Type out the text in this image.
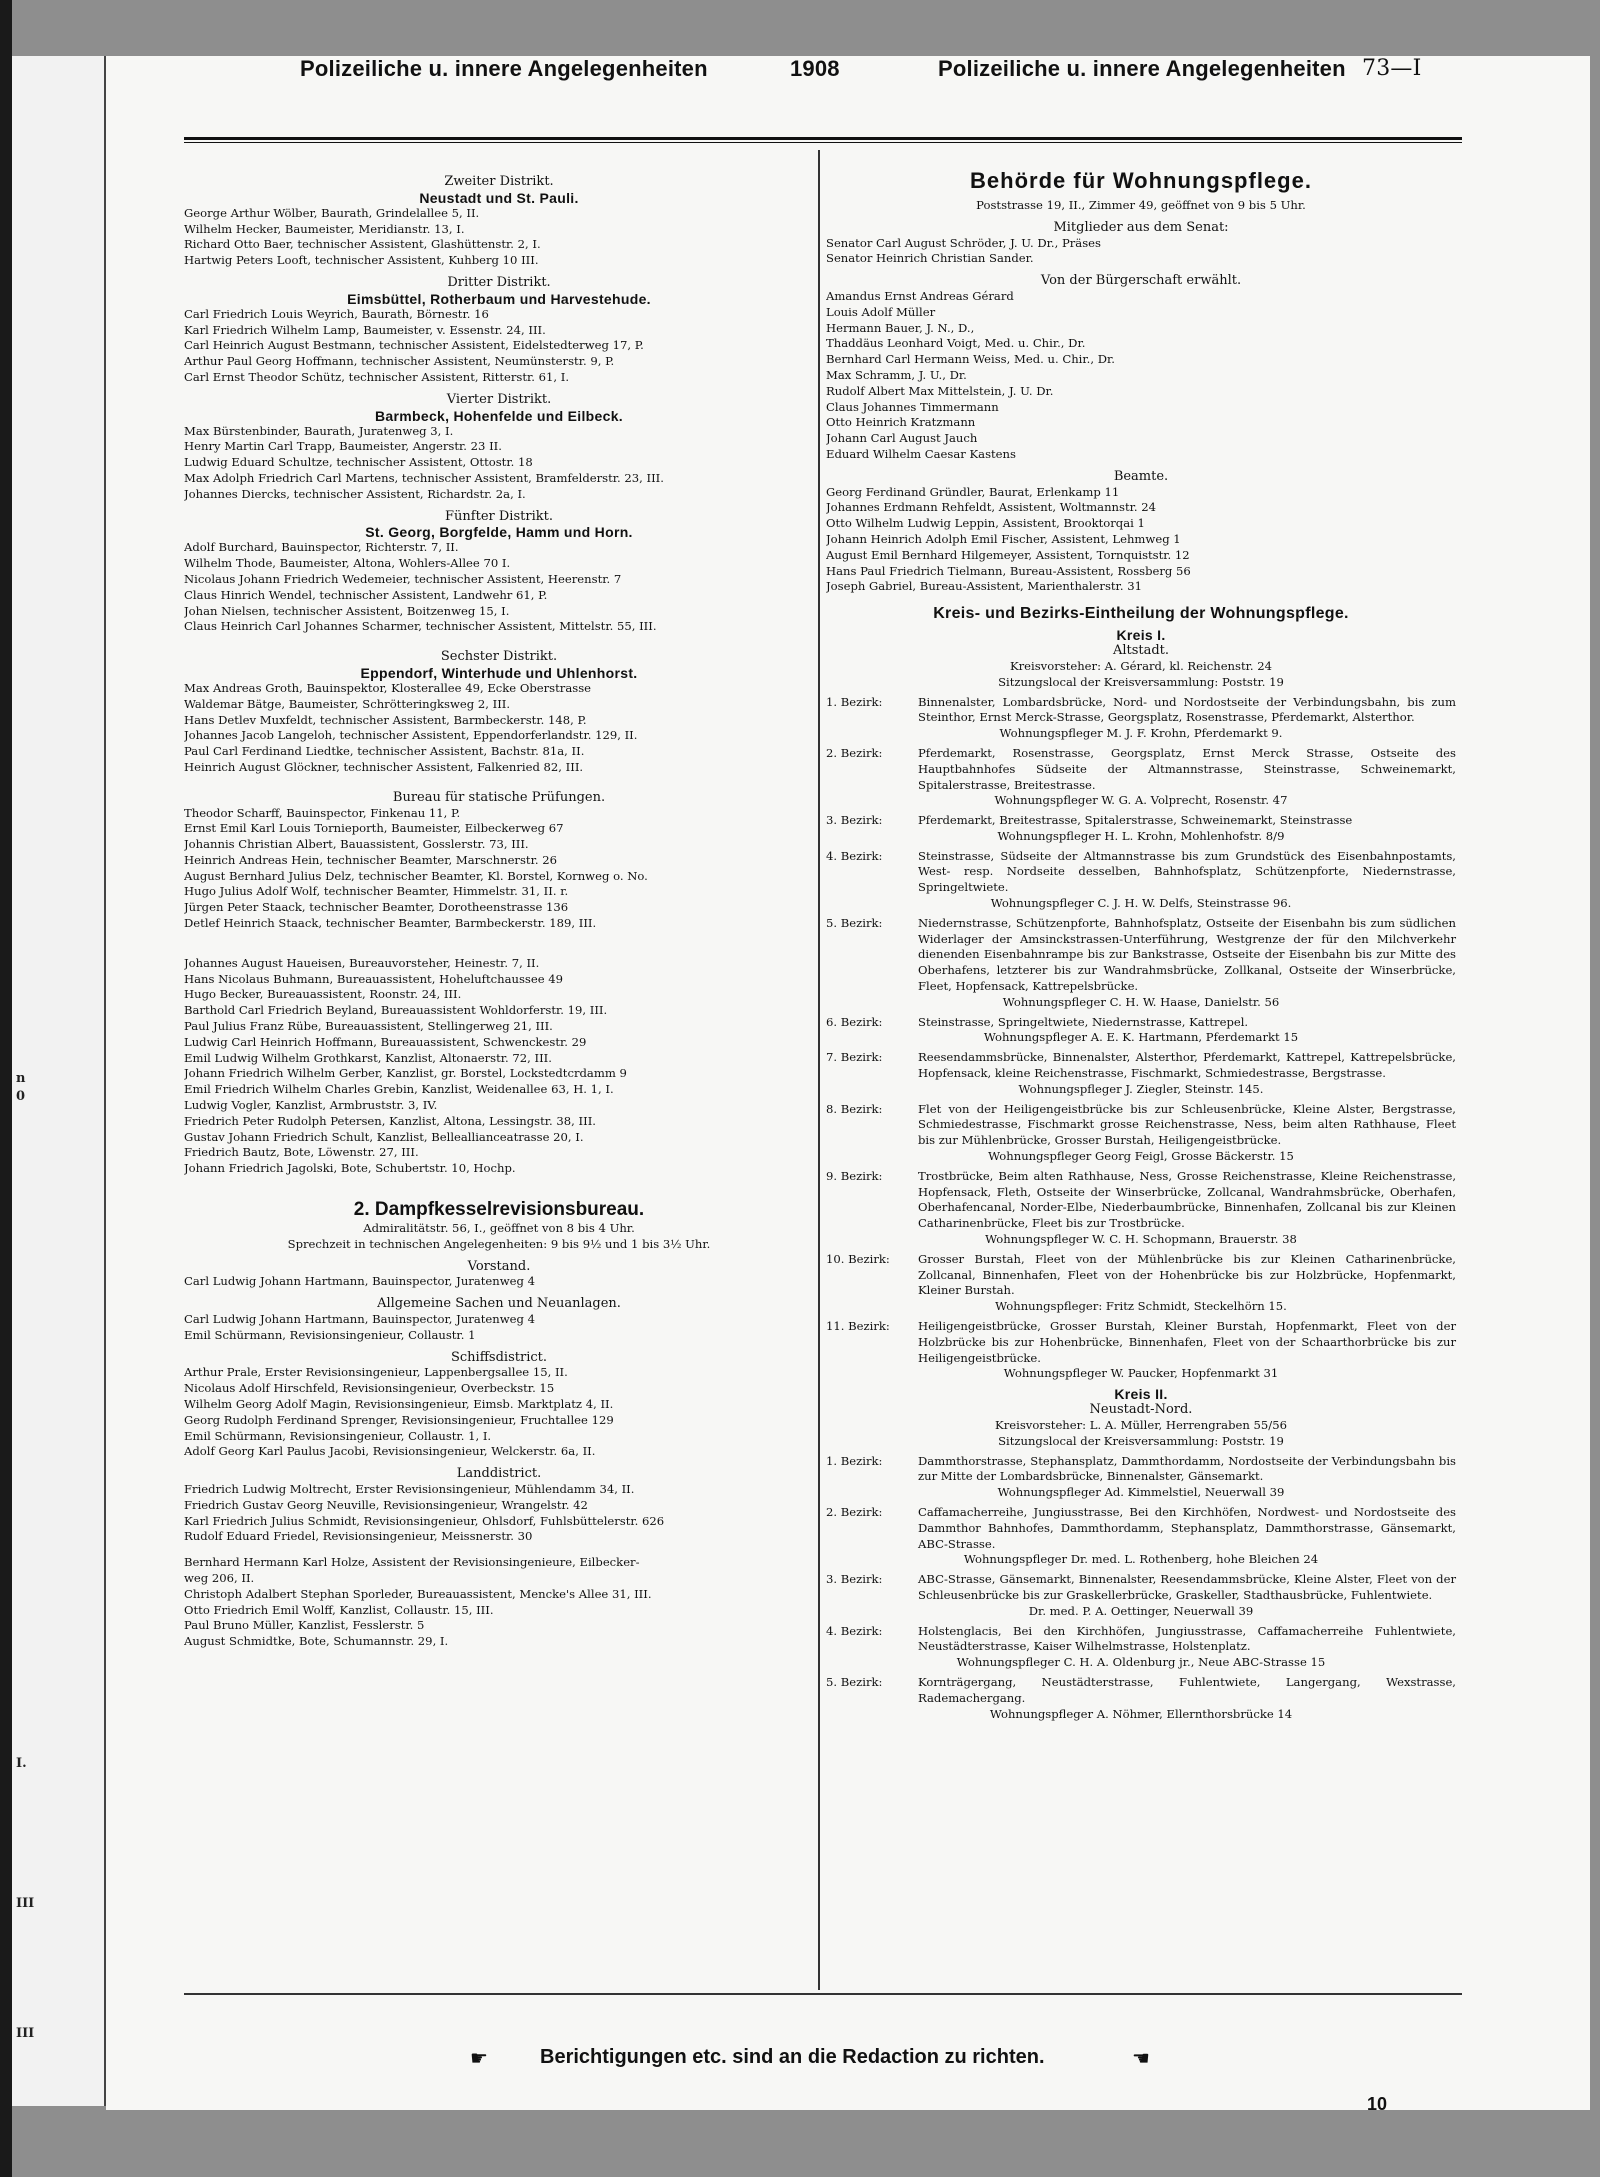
n
0
I.
III
III
Polizeiliche u. innere Angelegenheiten	1908	Polizeiliche u. innere Angelegenheiten 73—I
Zweiter Distrikt.
Neustadt und St. Pauli.
George Arthur Wölber, Baurath, Grindelallee 5, II.
Wilhelm Hecker, Baumeister, Meridianstr. 13, I.
Richard Otto Baer, technischer Assistent, Glashüttenstr. 2, I.
Hartwig Peters Looft, technischer Assistent, Kuhberg 10 III.
Dritter Distrikt.
Eimsbüttel, Rotherbaum und Harvestehude.
Carl Friedrich Louis Weyrich, Baurath, Börnestr. 16
Karl Friedrich Wilhelm Lamp, Baumeister, v. Essenstr. 24, III.
Carl Heinrich August Bestmann, technischer Assistent, Eidelstedterweg 17, P.
Arthur Paul Georg Hoffmann, technischer Assistent, Neumünsterstr. 9, P.
Carl Ernst Theodor Schütz, technischer Assistent, Ritterstr. 61, I.
Vierter Distrikt.
Barmbeck, Hohenfelde und Eilbeck.
Max Bürstenbinder, Baurath, Juratenweg 3, I.
Henry Martin Carl Trapp, Baumeister, Angerstr. 23 II.
Ludwig Eduard Schultze, technischer Assistent, Ottostr. 18
Max Adolph Friedrich Carl Martens, technischer Assistent, Bramfelderstr. 23, III.
Johannes Diercks, technischer Assistent, Richardstr. 2a, I.
Fünfter Distrikt.
St. Georg, Borgfelde, Hamm und Horn.
Adolf Burchard, Bauinspector, Richterstr. 7, II.
Wilhelm Thode, Baumeister, Altona, Wohlers-Allee 70 I.
Nicolaus Johann Friedrich Wedemeier, technischer Assistent, Heerenstr. 7
Claus Hinrich Wendel, technischer Assistent, Landwehr 61, P.
Johan Nielsen, technischer Assistent, Boitzenweg 15, I.
Claus Heinrich Carl Johannes Scharmer, technischer Assistent, Mittelstr. 55, III.
Sechster Distrikt.
Eppendorf, Winterhude und Uhlenhorst.
Max Andreas Groth, Bauinspektor, Klosterallee 49, Ecke Oberstrasse
Waldemar Bätge, Baumeister, Schrötteringksweg 2, III.
Hans Detlev Muxfeldt, technischer Assistent, Barmbeckerstr. 148, P.
Johannes Jacob Langeloh, technischer Assistent, Eppendorferlandstr. 129, II.
Paul Carl Ferdinand Liedtke, technischer Assistent, Bachstr. 81a, II.
Heinrich August Glöckner, technischer Assistent, Falkenried 82, III.
Bureau für statische Prüfungen.
Theodor Scharff, Bauinspector, Finkenau 11, P.
Ernst Emil Karl Louis Tornieporth, Baumeister, Eilbeckerweg 67
Johannis Christian Albert, Bauassistent, Gosslerstr. 73, III.
Heinrich Andreas Hein, technischer Beamter, Marschnerstr. 26
August Bernhard Julius Delz, technischer Beamter, Kl. Borstel, Kornweg o. No.
Hugo Julius Adolf Wolf, technischer Beamter, Himmelstr. 31, II. r.
Jürgen Peter Staack, technischer Beamter, Dorotheenstrasse 136
Detlef Heinrich Staack, technischer Beamter, Barmbeckerstr. 189, III.
Johannes August Haueisen, Bureauvorsteher, Heinestr. 7, II.
Hans Nicolaus Buhmann, Bureauassistent, Hoheluftchaussee 49
Hugo Becker, Bureauassistent, Roonstr. 24, III.
Barthold Carl Friedrich Beyland, Bureauassistent Wohldorferstr. 19, III.
Paul Julius Franz Rübe, Bureauassistent, Stellingerweg 21, III.
Ludwig Carl Heinrich Hoffmann, Bureauassistent, Schwenckestr. 29
Emil Ludwig Wilhelm Grothkarst, Kanzlist, Altonaerstr. 72, III.
Johann Friedrich Wilhelm Gerber, Kanzlist, gr. Borstel, Lockstedtcrdamm 9
Emil Friedrich Wilhelm Charles Grebin, Kanzlist, Weidenallee 63, H. 1, I.
Ludwig Vogler, Kanzlist, Armbruststr. 3, IV.
Friedrich Peter Rudolph Petersen, Kanzlist, Altona, Lessingstr. 38, III.
Gustav Johann Friedrich Schult, Kanzlist, Belleallianceatrasse 20, I.
Friedrich Bautz, Bote, Löwenstr. 27, III.
Johann Friedrich Jagolski, Bote, Schubertstr. 10, Hochp.
2. Dampfkesselrevisionsbureau.
Admiralitätstr. 56, I., geöffnet von 8 bis 4 Uhr.
Sprechzeit in technischen Angelegenheiten: 9 bis 9½ und 1 bis 3½ Uhr.
Vorstand.
Carl Ludwig Johann Hartmann, Bauinspector, Juratenweg 4
Allgemeine Sachen und Neuanlagen.
Carl Ludwig Johann Hartmann, Bauinspector, Juratenweg 4
Emil Schürmann, Revisionsingenieur, Collaustr. 1
Schiffsdistrict.
Arthur Prale, Erster Revisionsingenieur, Lappenbergsallee 15, II.
Nicolaus Adolf Hirschfeld, Revisionsingenieur, Overbeckstr. 15
Wilhelm Georg Adolf Magin, Revisionsingenieur, Eimsb. Marktplatz 4, II.
Georg Rudolph Ferdinand Sprenger, Revisionsingenieur, Fruchtallee 129
Emil Schürmann, Revisionsingenieur, Collaustr. 1, I.
Adolf Georg Karl Paulus Jacobi, Revisionsingenieur, Welckerstr. 6a, II.
Landdistrict.
Friedrich Ludwig Moltrecht, Erster Revisionsingenieur, Mühlendamm 34, II.
Friedrich Gustav Georg Neuville, Revisionsingenieur, Wrangelstr. 42
Karl Friedrich Julius Schmidt, Revisionsingenieur, Ohlsdorf, Fuhlsbüttelerstr. 626
Rudolf Eduard Friedel, Revisionsingenieur, Meissnerstr. 30
Bernhard Hermann Karl Holze, Assistent der Revisionsingenieure, Eilbecker-
weg 206, II.
Christoph Adalbert Stephan Sporleder, Bureauassistent, Mencke's Allee 31, III.
Otto Friedrich Emil Wolff, Kanzlist, Collaustr. 15, III.
Paul Bruno Müller, Kanzlist, Fesslerstr. 5
August Schmidtke, Bote, Schumannstr. 29, I.
Behörde für Wohnungspflege.
Poststrasse 19, II., Zimmer 49, geöffnet von 9 bis 5 Uhr.
Mitglieder aus dem Senat:
Senator Carl August Schröder, J. U. Dr., Präses
Senator Heinrich Christian Sander.
Von der Bürgerschaft erwählt.
Amandus Ernst Andreas Gérard
Louis Adolf Müller
Hermann Bauer, J. N., D.,
Thaddäus Leonhard Voigt, Med. u. Chir., Dr.
Bernhard Carl Hermann Weiss, Med. u. Chir., Dr.
Max Schramm, J. U., Dr.
Rudolf Albert Max Mittelstein, J. U. Dr.
Claus Johannes Timmermann
Otto Heinrich Kratzmann
Johann Carl August Jauch
Eduard Wilhelm Caesar Kastens
Beamte.
Georg Ferdinand Gründler, Baurat, Erlenkamp 11
Johannes Erdmann Rehfeldt, Assistent, Woltmannstr. 24
Otto Wilhelm Ludwig Leppin, Assistent, Brooktorqai 1
Johann Heinrich Adolph Emil Fischer, Assistent, Lehmweg 1
August Emil Bernhard Hilgemeyer, Assistent, Tornquiststr. 12
Hans Paul Friedrich Tielmann, Bureau-Assistent, Rossberg 56
Joseph Gabriel, Bureau-Assistent, Marienthalerstr. 31
Kreis- und Bezirks-Eintheilung der Wohnungspflege.
Kreis I.
Altstadt.
Kreisvorsteher: A. Gérard, kl. Reichenstr. 24
Sitzungslocal der Kreisversammlung: Poststr. 19
1. Bezirk:	Binnenalster, Lombardsbrücke, Nord- und Nordostseite der Verbindungsbahn, bis zum Steinthor, Ernst Merck-Strasse, Georgsplatz, Rosenstrasse, Pferdemarkt, Alsterthor.
Wohnungspfleger M. J. F. Krohn, Pferdemarkt 9.
2. Bezirk:	Pferdemarkt, Rosenstrasse, Georgsplatz, Ernst Merck Strasse, Ostseite des Hauptbahnhofes Südseite der Altmannstrasse, Steinstrasse, Schweinemarkt, Spitalerstrasse, Breitestrasse.
Wohnungspfleger W. G. A. Volprecht, Rosenstr. 47
3. Bezirk:	Pferdemarkt, Breitestrasse, Spitalerstrasse, Schweinemarkt, Steinstrasse
Wohnungspfleger H. L. Krohn, Mohlenhofstr. 8/9
4. Bezirk:	Steinstrasse, Südseite der Altmannstrasse bis zum Grundstück des Eisenbahnpostamts, West- resp. Nordseite desselben, Bahnhofsplatz, Schützenpforte, Niedernstrasse, Springeltwiete.
Wohnungspfleger C. J. H. W. Delfs, Steinstrasse 96.
5. Bezirk:	Niedernstrasse, Schützenpforte, Bahnhofsplatz, Ostseite der Eisenbahn bis zum südlichen Widerlager der Amsinckstrassen-Unterführung, Westgrenze der für den Milchverkehr dienenden Eisenbahnrampe bis zur Bankstrasse, Ostseite der Eisenbahn bis zur Mitte des Oberhafens, letzterer bis zur Wandrahmsbrücke, Zollkanal, Ostseite der Winserbrücke, Fleet, Hopfensack, Kattrepelsbrücke.
Wohnungspfleger C. H. W. Haase, Danielstr. 56
6. Bezirk:	Steinstrasse, Springeltwiete, Niedernstrasse, Kattrepel.
Wohnungspfleger A. E. K. Hartmann, Pferdemarkt 15
7. Bezirk:	Reesendammsbrücke, Binnenalster, Alsterthor, Pferdemarkt, Kattrepel, Kattrepelsbrücke, Hopfensack, kleine Reichenstrasse, Fischmarkt, Schmiedestrasse, Bergstrasse.
Wohnungspfleger J. Ziegler, Steinstr. 145.
8. Bezirk:	Flet von der Heiligengeistbrücke bis zur Schleusenbrücke, Kleine Alster, Bergstrasse, Schmiedestrasse, Fischmarkt grosse Reichenstrasse, Ness, beim alten Rathhause, Fleet bis zur Mühlenbrücke, Grosser Burstah, Heiligengeistbrücke.
Wohnungspfleger Georg Feigl, Grosse Bäckerstr. 15
9. Bezirk:	Trostbrücke, Beim alten Rathhause, Ness, Grosse Reichenstrasse, Kleine Reichenstrasse, Hopfensack, Fleth, Ostseite der Winserbrücke, Zollcanal, Wandrahmsbrücke, Oberhafen, Oberhafencanal, Norder-Elbe, Niederbaumbrücke, Binnenhafen, Zollcanal bis zur Kleinen Catharinenbrücke, Fleet bis zur Trostbrücke.
Wohnungspfleger W. C. H. Schopmann, Brauerstr. 38
10. Bezirk:	Grosser Burstah, Fleet von der Mühlenbrücke bis zur Kleinen Catharinenbrücke, Zollcanal, Binnenhafen, Fleet von der Hohenbrücke bis zur Holzbrücke, Hopfenmarkt, Kleiner Burstah.
Wohnungspfleger: Fritz Schmidt, Steckelhörn 15.
11. Bezirk:	Heiligengeistbrücke, Grosser Burstah, Kleiner Burstah, Hopfenmarkt, Fleet von der Holzbrücke bis zur Hohenbrücke, Binnenhafen, Fleet von der Schaarthorbrücke bis zur Heiligengeistbrücke.
Wohnungspfleger W. Paucker, Hopfenmarkt 31
Kreis II.
Neustadt-Nord.
Kreisvorsteher: L. A. Müller, Herrengraben 55/56
Sitzungslocal der Kreisversammlung: Poststr. 19
1. Bezirk:	Dammthorstrasse, Stephansplatz, Dammthordamm, Nordostseite der Verbindungsbahn bis zur Mitte der Lombardsbrücke, Binnenalster, Gänsemarkt.
Wohnungspfleger Ad. Kimmelstiel, Neuerwall 39
2. Bezirk:	Caffamacherreihe, Jungiusstrasse, Bei den Kirchhöfen, Nordwest- und Nordostseite des Dammthor Bahnhofes, Dammthordamm, Stephansplatz, Dammthorstrasse, Gänsemarkt, ABC-Strasse.
Wohnungspfleger Dr. med. L. Rothenberg, hohe Bleichen 24
3. Bezirk:	ABC-Strasse, Gänsemarkt, Binnenalster, Reesendammsbrücke, Kleine Alster, Fleet von der Schleusenbrücke bis zur Graskellerbrücke, Graskeller, Stadthausbrücke, Fuhlentwiete.
Dr. med. P. A. Oettinger, Neuerwall 39
4. Bezirk:	Holstenglacis, Bei den Kirchhöfen, Jungiusstrasse, Caffamacherreihe Fuhlentwiete, Neustädterstrasse, Kaiser Wilhelmstrasse, Holstenplatz.
Wohnungspfleger C. H. A. Oldenburg jr., Neue ABC-Strasse 15
5. Bezirk:	Kornträgergang, Neustädterstrasse, Fuhlentwiete, Langergang, Wexstrasse, Rademachergang.
Wohnungspfleger A. Nöhmer, Ellernthorsbrücke 14
☛	Berichtigungen etc. sind an die Redaction zu richten.	☚
10
